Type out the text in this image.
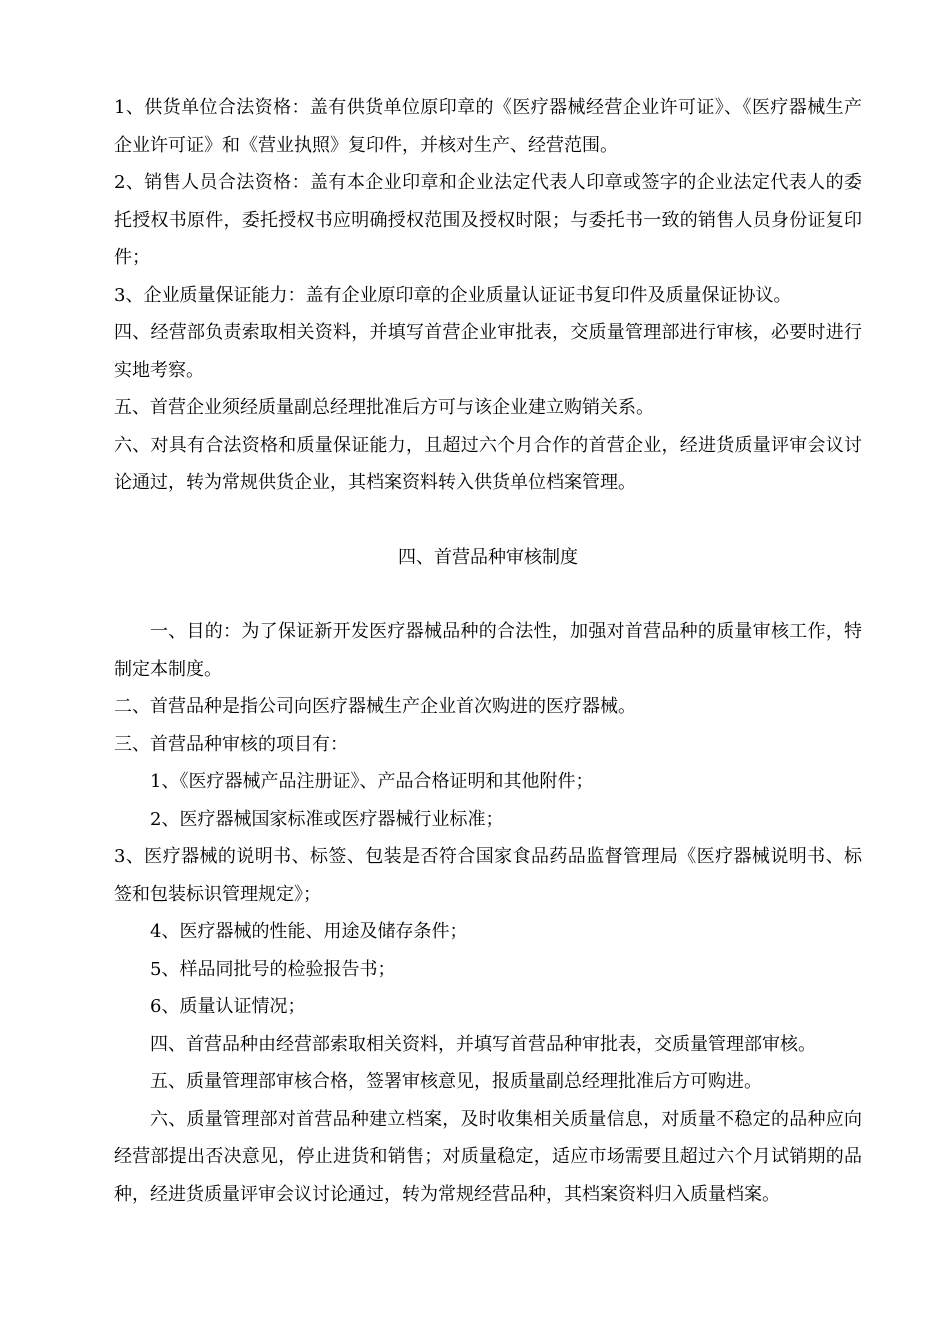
1、供货单位合法资格：盖有供货单位原印章的《医疗器械经营企业许可证》、《医疗器械生产企业许可证》和《营业执照》复印件，并核对生产、经营范围。

2、销售人员合法资格：盖有本企业印章和企业法定代表人印章或签字的企业法定代表人的委托授权书原件，委托授权书应明确授权范围及授权时限；与委托书一致的销售人员身份证复印件；

3、企业质量保证能力：盖有企业原印章的企业质量认证证书复印件及质量保证协议。

四、经营部负责索取相关资料，并填写首营企业审批表，交质量管理部进行审核，必要时进行实地考察。

五、首营企业须经质量副总经理批准后方可与该企业建立购销关系。

六、对具有合法资格和质量保证能力，且超过六个月合作的首营企业，经进货质量评审会议讨论通过，转为常规供货企业，其档案资料转入供货单位档案管理。

四、首营品种审核制度

一、目的：为了保证新开发医疗器械品种的合法性，加强对首营品种的质量审核工作，特制定本制度。

二、首营品种是指公司向医疗器械生产企业首次购进的医疗器械。

三、首营品种审核的项目有：

1、《医疗器械产品注册证》、产品合格证明和其他附件；

2、医疗器械国家标准或医疗器械行业标准；

3、医疗器械的说明书、标签、包装是否符合国家食品药品监督管理局《医疗器械说明书、标签和包装标识管理规定》；

4、医疗器械的性能、用途及储存条件；

5、样品同批号的检验报告书；

6、质量认证情况；

四、首营品种由经营部索取相关资料，并填写首营品种审批表，交质量管理部审核。

五、质量管理部审核合格，签署审核意见，报质量副总经理批准后方可购进。

六、质量管理部对首营品种建立档案，及时收集相关质量信息，对质量不稳定的品种应向经营部提出否决意见，停止进货和销售；对质量稳定，适应市场需要且超过六个月试销期的品种，经进货质量评审会议讨论通过，转为常规经营品种，其档案资料归入质量档案。
